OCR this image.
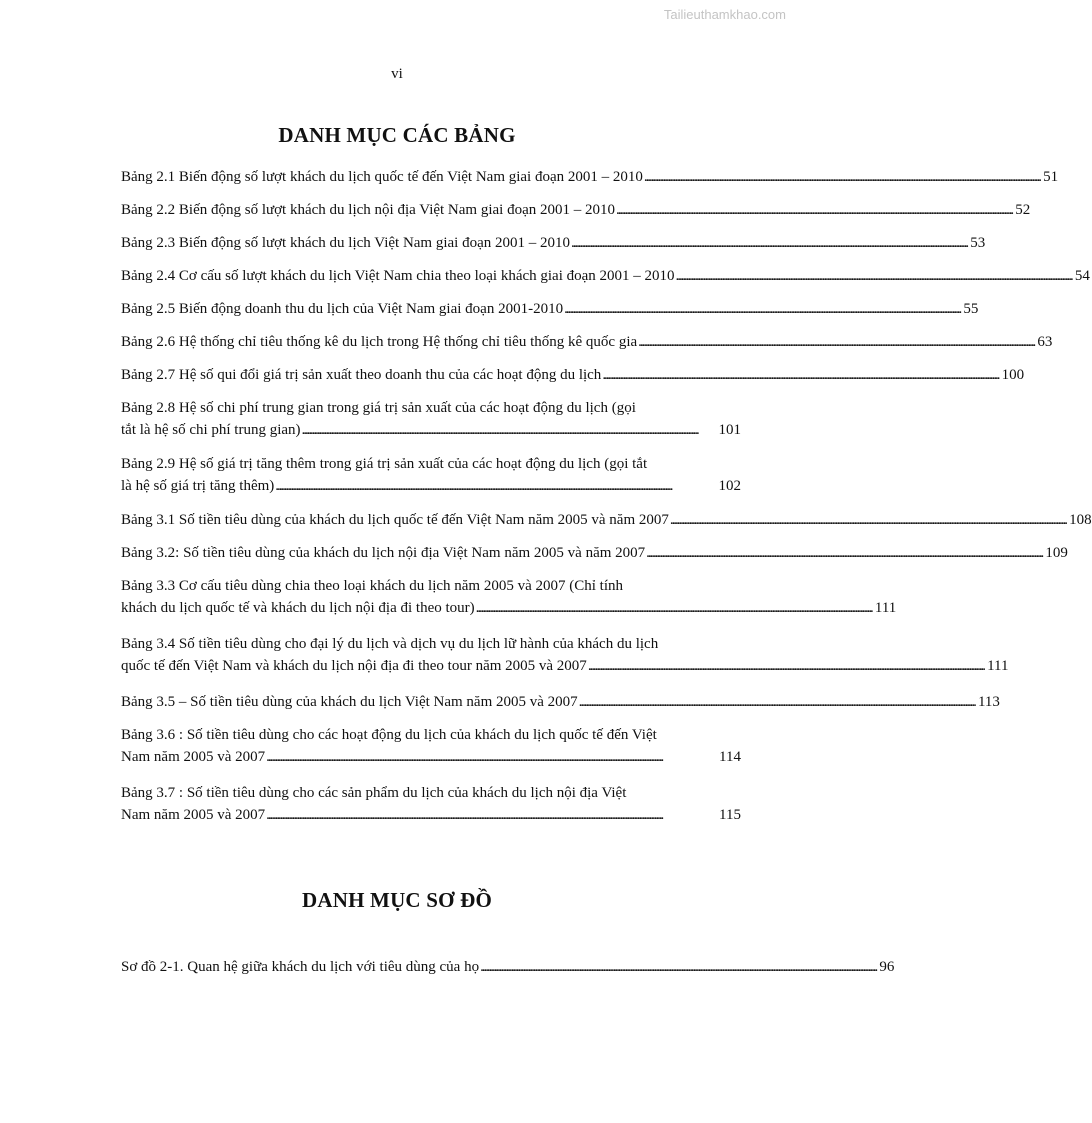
Tailieuthamkhao.com
vi
DANH MỤC CÁC BẢNG
Bảng 2.1 Biến động số lượt khách du lịch quốc tế đến Việt Nam giai đoạn 2001 – 2010 . . .	51
Bảng 2.2 Biến động số lượt khách du lịch nội địa Việt Nam giai đoạn 2001 – 2010 . . .	52
Bảng 2.3 Biến động số lượt khách du lịch Việt Nam giai đoạn 2001 – 2010 . . .	53
Bảng 2.4 Cơ cấu số lượt khách du lịch Việt Nam chia theo loại khách giai đoạn 2001 – 2010 . . .	54
Bảng 2.5 Biến động doanh thu du lịch của Việt Nam giai đoạn 2001-2010 . . .	55
Bảng 2.6 Hệ thống chỉ tiêu thống kê du lịch trong Hệ thống chỉ tiêu thống kê quốc gia . . .	63
Bảng 2.7 Hệ số qui đổi giá trị sản xuất theo doanh thu của các hoạt động du lịch . . .	100
Bảng 2.8 Hệ số chi phí trung gian trong giá trị sản xuất của các hoạt động du lịch (gọi
tắt là hệ số chi phí trung gian) . . .	101
Bảng 2.9 Hệ số giá trị tăng thêm trong giá trị sản xuất của các hoạt động du lịch (gọi tắt
là hệ số giá trị tăng thêm) . . .	102
Bảng 3.1 Số tiền tiêu dùng của khách du lịch quốc tế đến Việt Nam năm 2005 và năm 2007 . . .	108
Bảng 3.2: Số tiền tiêu dùng của khách du lịch nội địa Việt Nam năm 2005 và năm 2007 . . .	109
Bảng 3.3 Cơ cấu tiêu dùng chia theo loại khách du lịch năm 2005 và 2007 (Chỉ tính
khách du lịch quốc tế và khách du lịch nội địa đi theo tour) . . .	111
Bảng 3.4 Số tiền tiêu dùng cho đại lý du lịch và dịch vụ du lịch lữ hành của khách du lịch
quốc tế đến Việt Nam và khách du lịch nội địa đi theo tour năm 2005 và 2007 . . .	111
Bảng 3.5 – Số tiền tiêu dùng của khách du lịch Việt Nam năm 2005 và 2007 . . .	113
Bảng 3.6 : Số tiền tiêu dùng cho các hoạt động du lịch của khách du lịch quốc tế đến Việt
Nam năm 2005 và 2007 . . .	114
Bảng 3.7 : Số tiền tiêu dùng cho các sản phẩm du lịch của khách du lịch nội địa Việt
Nam năm 2005 và 2007 . . .	115
DANH MỤC SƠ ĐỒ
Sơ đồ 2-1. Quan hệ giữa khách du lịch với tiêu dùng của họ . . .	96
